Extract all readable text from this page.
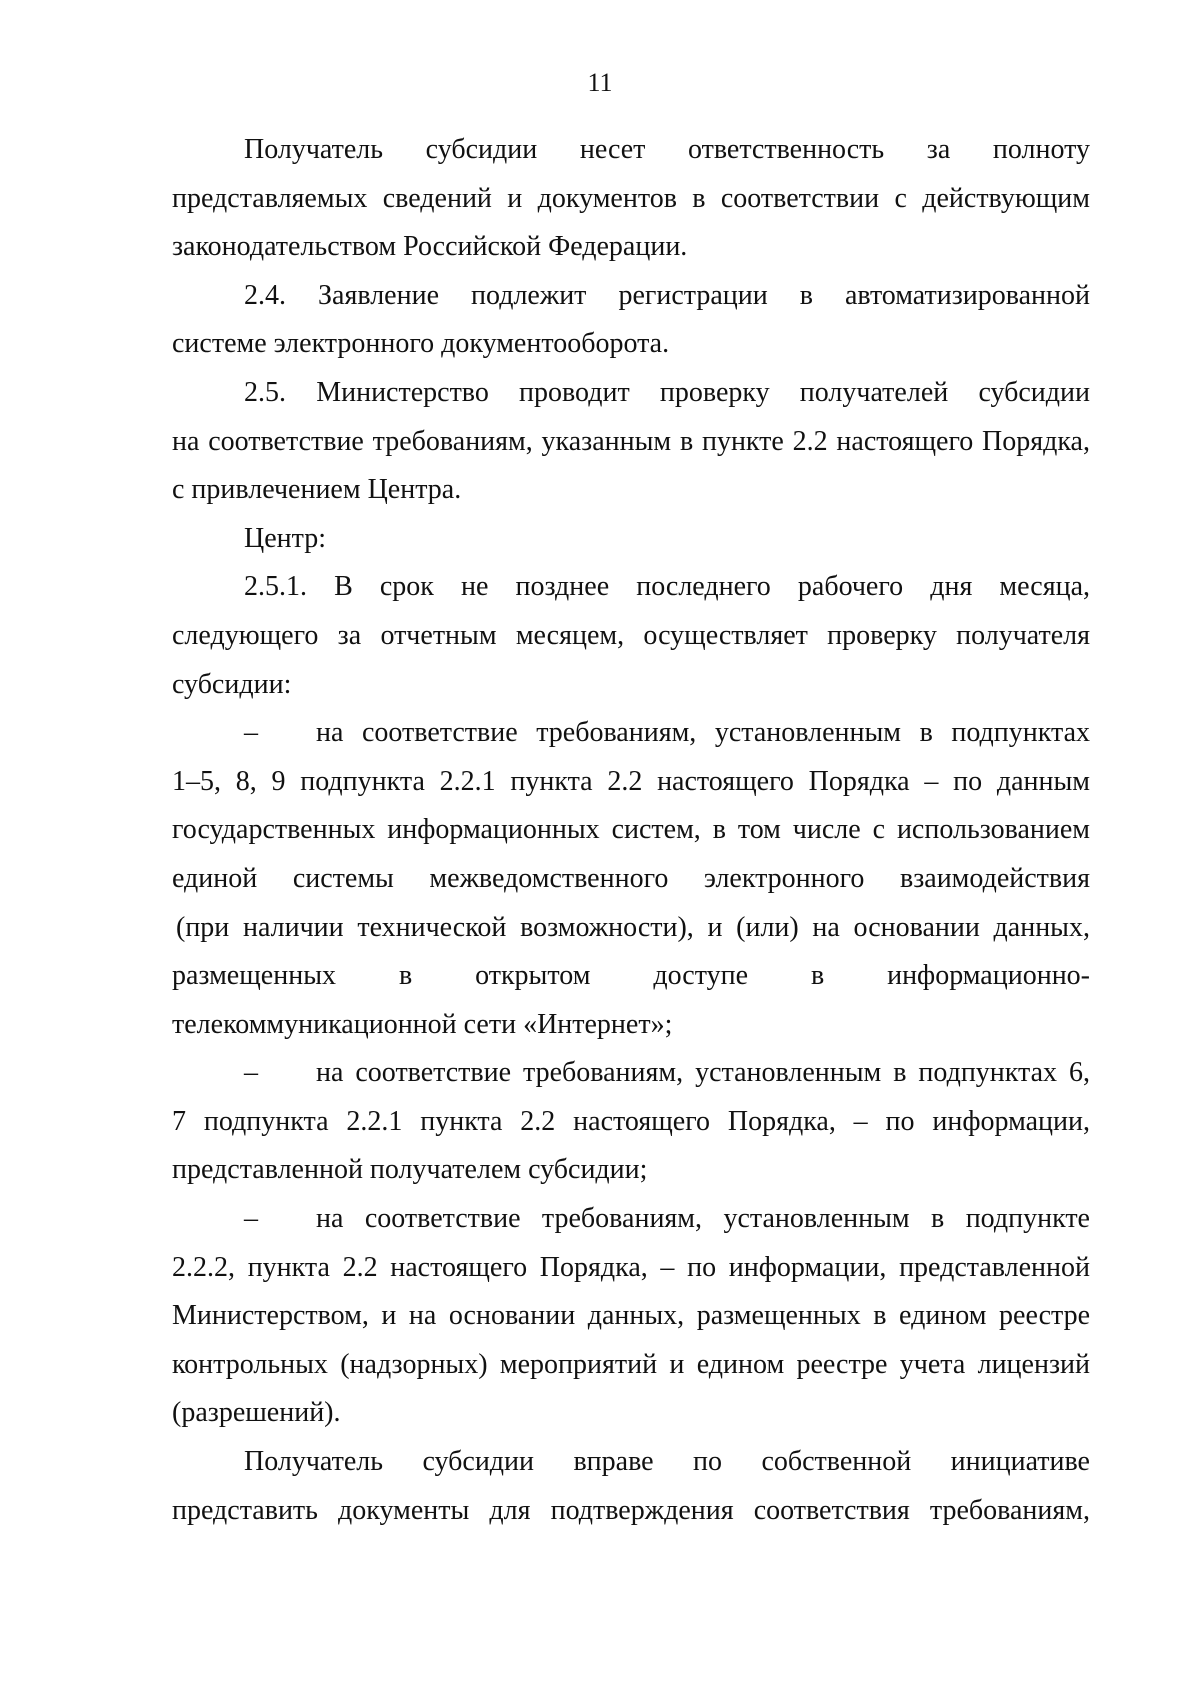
11
Получатель субсидии несет ответственность за полноту
представляемых сведений и документов в соответствии с действующим
законодательством Российской Федерации.
2.4. Заявление подлежит регистрации в автоматизированной
системе электронного документооборота.
2.5. Министерство проводит проверку получателей субсидии
на соответствие требованиям, указанным в пункте 2.2 настоящего Порядка,
с привлечением Центра.
Центр:
2.5.1. В срок не позднее последнего рабочего дня месяца,
следующего за отчетным месяцем, осуществляет проверку получателя
субсидии:
– на соответствие требованиям, установленным в подпунктах
1–5, 8, 9 подпункта 2.2.1 пункта 2.2 настоящего Порядка – по данным
государственных информационных систем, в том числе с использованием
единой системы межведомственного электронного взаимодействия
(при наличии технической возможности), и (или) на основании данных,
размещенных в открытом доступе в информационно-
телекоммуникационной сети «Интернет»;
– на соответствие требованиям, установленным в подпунктах 6,
7 подпункта 2.2.1 пункта 2.2 настоящего Порядка, – по информации,
представленной получателем субсидии;
– на соответствие требованиям, установленным в подпункте
2.2.2, пункта 2.2 настоящего Порядка, – по информации, представленной
Министерством, и на основании данных, размещенных в едином реестре
контрольных (надзорных) мероприятий и едином реестре учета лицензий
(разрешений).
Получатель субсидии вправе по собственной инициативе
представить документы для подтверждения соответствия требованиям,
